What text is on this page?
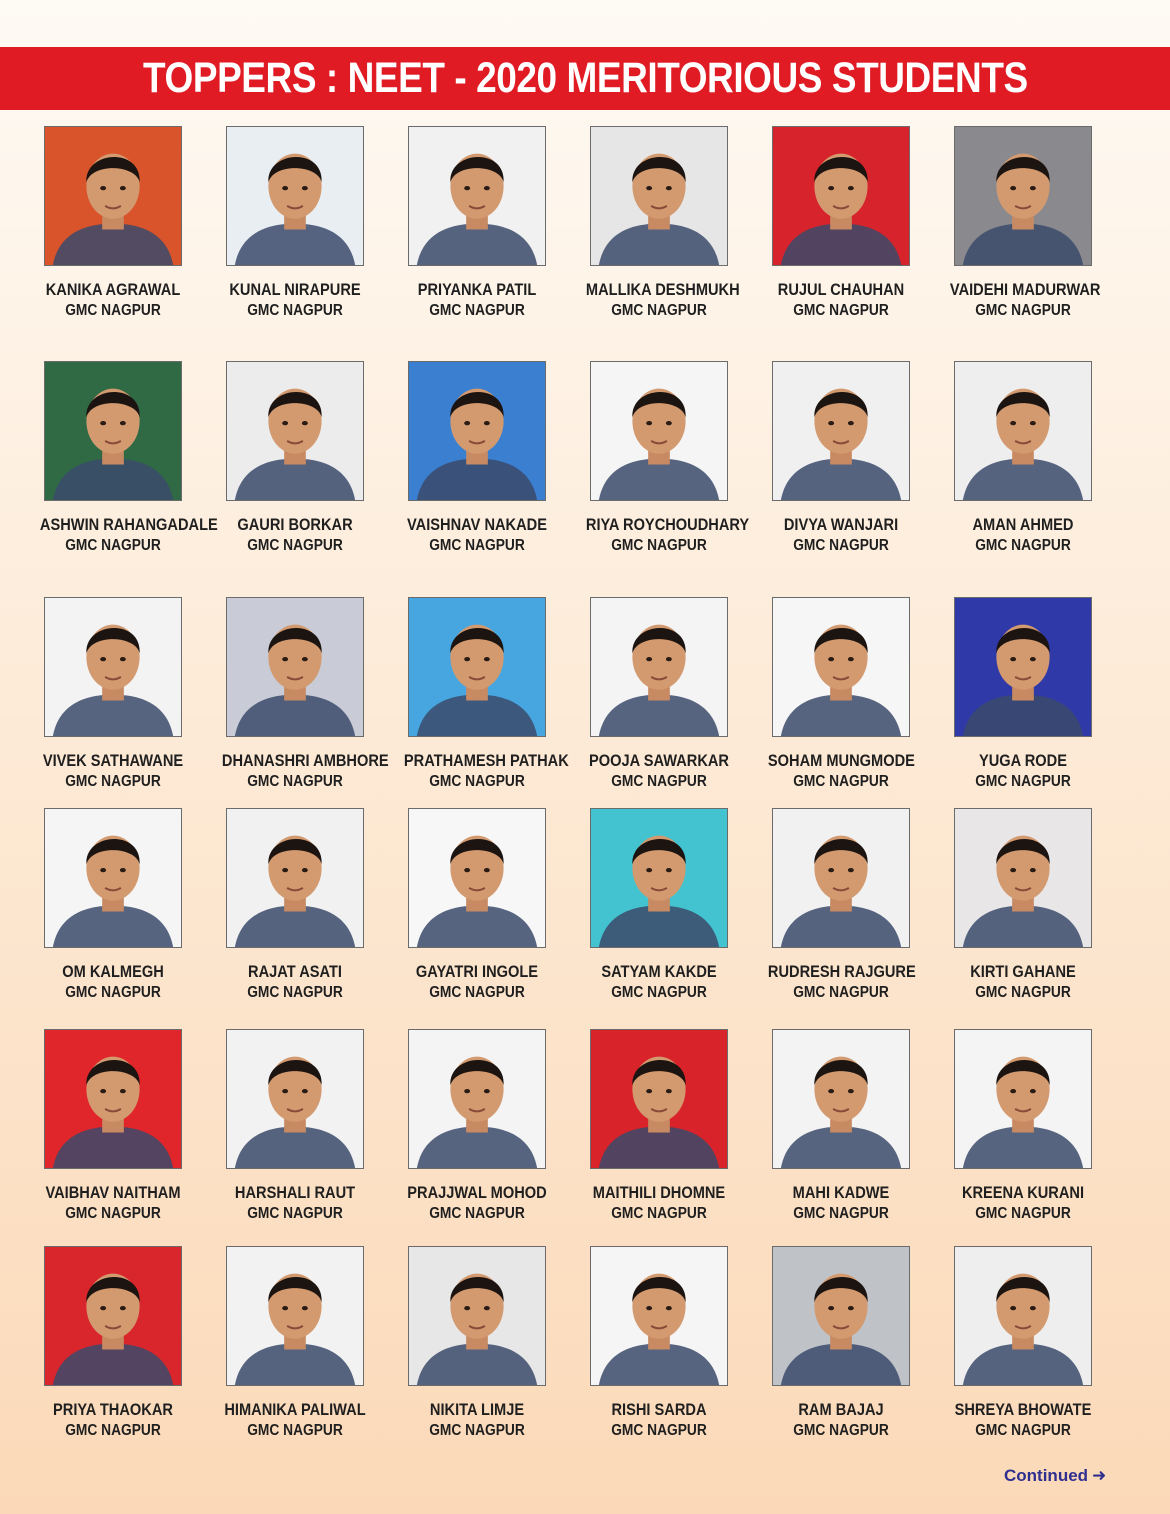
TOPPERS : NEET - 2020 MERITORIOUS STUDENTS
KANIKA AGRAWAL
GMC NAGPUR
KUNAL NIRAPURE
GMC NAGPUR
PRIYANKA PATIL
GMC NAGPUR
MALLIKA DESHMUKH
GMC NAGPUR
RUJUL CHAUHAN
GMC NAGPUR
VAIDEHI MADURWAR
GMC NAGPUR
ASHWIN RAHANGADALE
GMC NAGPUR
GAURI BORKAR
GMC NAGPUR
VAISHNAV NAKADE
GMC NAGPUR
RIYA ROYCHOUDHARY
GMC NAGPUR
DIVYA WANJARI
GMC NAGPUR
AMAN AHMED
GMC NAGPUR
VIVEK SATHAWANE
GMC NAGPUR
DHANASHRI AMBHORE
GMC NAGPUR
PRATHAMESH PATHAK
GMC NAGPUR
POOJA SAWARKAR
GMC NAGPUR
SOHAM MUNGMODE
GMC NAGPUR
YUGA RODE
GMC NAGPUR
OM KALMEGH
GMC NAGPUR
RAJAT ASATI
GMC NAGPUR
GAYATRI INGOLE
GMC NAGPUR
SATYAM KAKDE
GMC NAGPUR
RUDRESH RAJGURE
GMC NAGPUR
KIRTI GAHANE
GMC NAGPUR
VAIBHAV NAITHAM
GMC NAGPUR
HARSHALI RAUT
GMC NAGPUR
PRAJJWAL MOHOD
GMC NAGPUR
MAITHILI DHOMNE
GMC NAGPUR
MAHI KADWE
GMC NAGPUR
KREENA KURANI
GMC NAGPUR
PRIYA THAOKAR
GMC NAGPUR
HIMANIKA PALIWAL
GMC NAGPUR
NIKITA LIMJE
GMC NAGPUR
RISHI SARDA
GMC NAGPUR
RAM BAJAJ
GMC NAGPUR
SHREYA BHOWATE
GMC NAGPUR
Continued ➜
